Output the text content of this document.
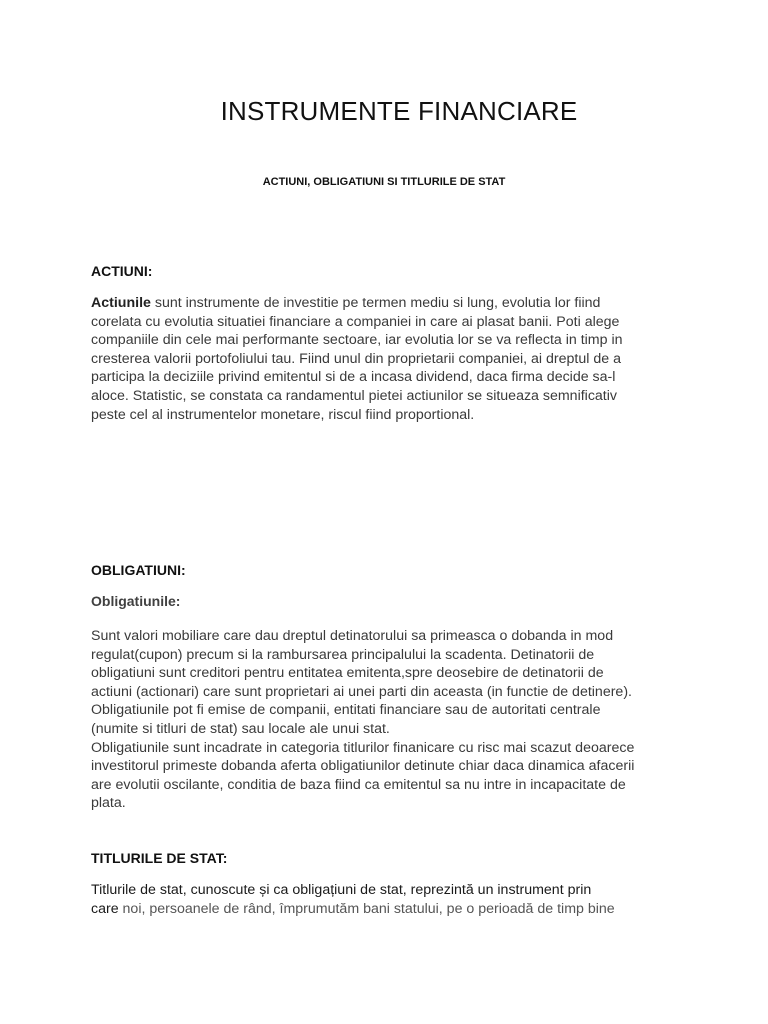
INSTRUMENTE FINANCIARE
ACTIUNI, OBLIGATIUNI SI TITLURILE DE STAT
ACTIUNI:

Actiunile sunt instrumente de investitie pe termen mediu si lung, evolutia lor fiind
corelata cu evolutia situatiei financiare a companiei in care ai plasat banii. Poti alege
companiile din cele mai performante sectoare, iar evolutia lor se va reflecta in timp in
cresterea valorii portofoliului tau. Fiind unul din proprietarii companiei, ai dreptul de a
participa la deciziile privind emitentul si de a incasa dividend, daca firma decide sa-l
aloce. Statistic, se constata ca randamentul pietei actiunilor se situeaza semnificativ
peste cel al instrumentelor monetare, riscul fiind proportional.

OBLIGATIUNI:
Obligatiunile:

Sunt valori mobiliare care dau dreptul detinatorului sa primeasca o dobanda in mod
regulat(cupon) precum si la rambursarea principalului la scadenta. Detinatorii de
obligatiuni sunt creditori pentru entitatea emitenta,spre deosebire de detinatorii de
actiuni (actionari) care sunt proprietari ai unei parti din aceasta (in functie de detinere).
Obligatiunile pot fi emise de companii, entitati financiare sau de autoritati centrale
(numite si titluri de stat) sau locale ale unui stat.
Obligatiunile sunt incadrate in categoria titlurilor finanicare cu risc mai scazut deoarece
investitorul primeste dobanda aferta obligatiunilor detinute chiar daca dinamica afacerii
are evolutii oscilante, conditia de baza fiind ca emitentul sa nu intre in incapacitate de
plata.

TITLURILE DE STAT:

Titlurile de stat, cunoscute și ca obligațiuni de stat, reprezintă un instrument prin
care noi, persoanele de rând, împrumutăm bani statului, pe o perioadă de timp bine
